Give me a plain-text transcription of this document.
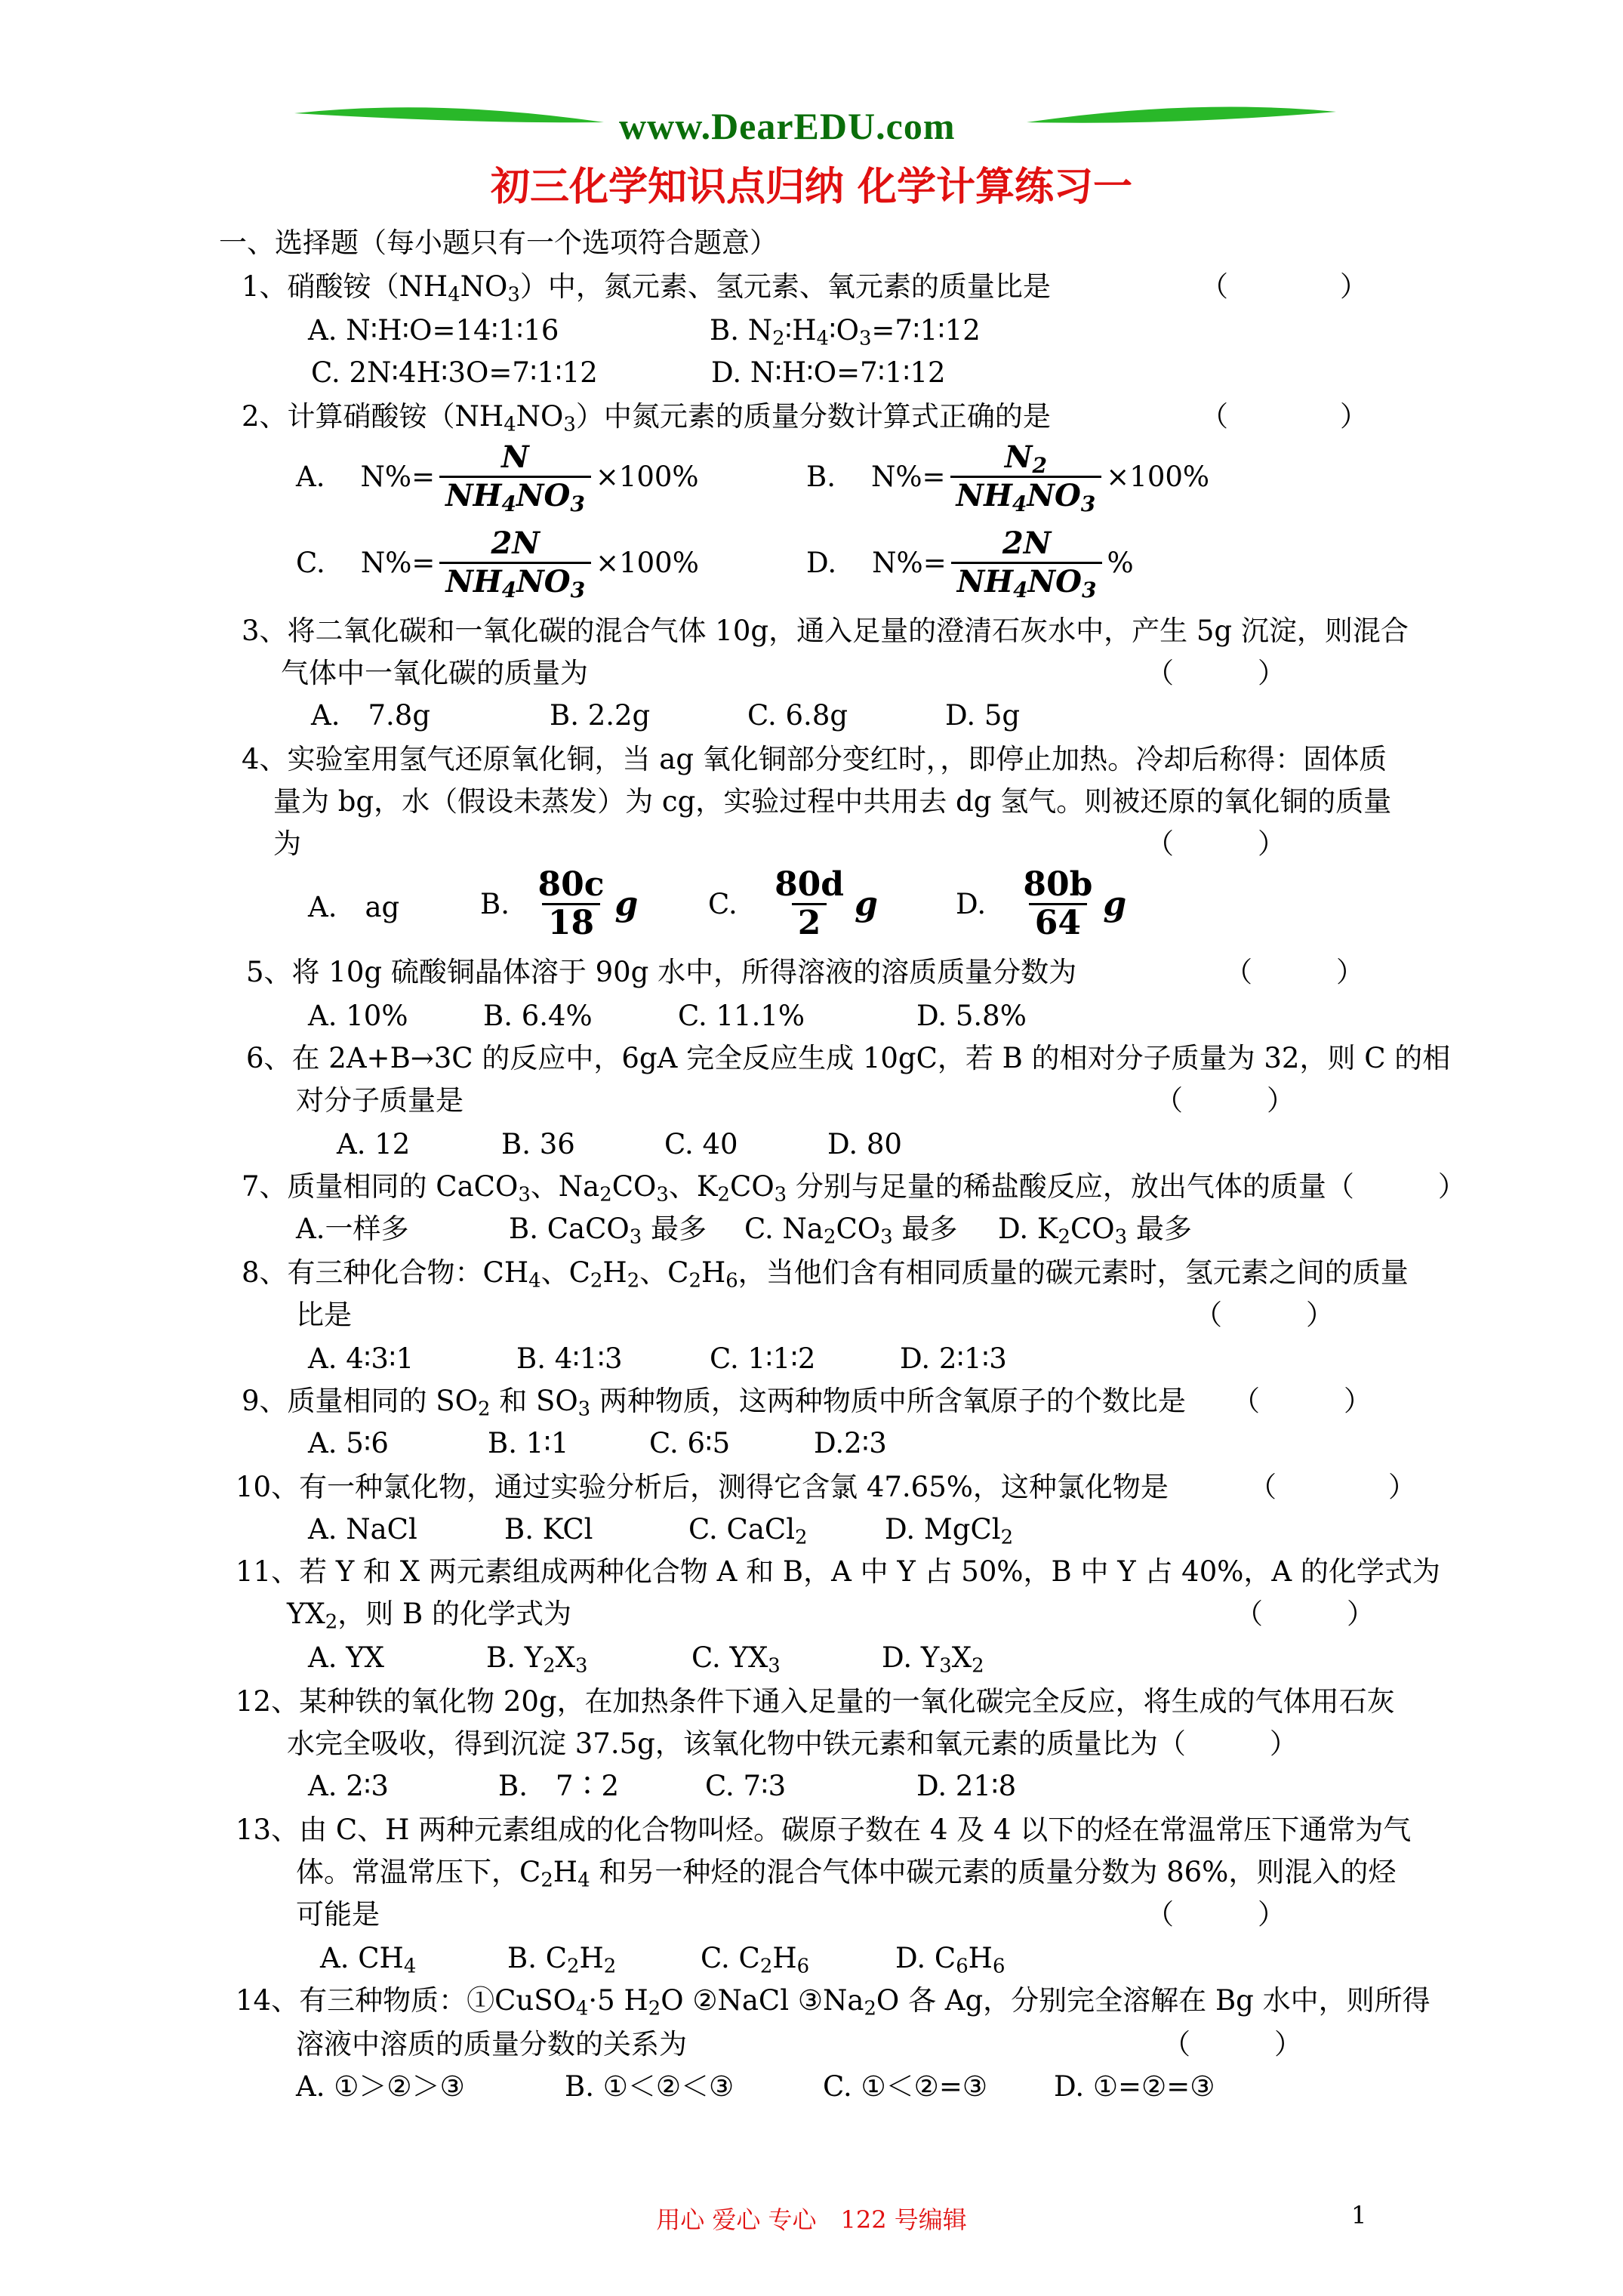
www.DearEDU.com
初三化学知识点归纳 化学计算练习一
一、选择题（每小题只有一个选项符合题意）
1、硝酸铵$(NH_4NO_3)$中，氮元素、氢元素、氧元素的质量比是	（　　　　）
A. N∶H∶O=14∶1∶16	B. $N_2∶H_4∶O_3=7∶1∶12$
C. 2N∶4H∶3O=7∶1∶12	D. N∶H∶O=7∶1∶12
2、计算硝酸铵$(NH_4NO_3)$中氮元素的质量分数计算式正确的是	（　　　　）
A.
$N\%= \frac{N}{NH_4NO_3} \times 100\%$	B.
$N\%= \frac{N_2}{NH_4NO_3} \times 100\%$
C.
$N\%= \frac{2N}{NH_4NO_3} \times 100\%$	D.
$N\%= \frac{2N}{NH_4NO_3}$ %
3、将二氧化碳和一氧化碳的混合气体 10g，通入足量的澄清石灰水中，产生 5g 沉淀，则混合
气体中一氧化碳的质量为	（　　　）
A.　7.8g	B. 2.2g	C. 6.8g	D. 5g
4、实验室用氢气还原氧化铜，当 ag 氧化铜部分变红时，，即停止加热。冷却后称得：固体质
量为 bg，水（假设未蒸发）为 cg，实验过程中共用去 dg 氢气。则被还原的氧化铜的质量
为	（　　　）
A.　ag	B.
$\frac{80c}{18}$ g	C.
$\frac{80d}{2}$ g	D.
$\frac{80b}{64}$ g
5、将 10g 硫酸铜晶体溶于 90g 水中，所得溶液的溶质质量分数为	（　　　）
A. 10%	B. 6.4%	C. 11.1%	D. 5.8%
6、在 2A+B→3C 的反应中，6gA 完全反应生成 10gC，若 B 的相对分子质量为 32，则 C 的相
对分子质量是	（　　　）
A. 12	B. 36	C. 40	D. 80
7、质量相同的 CaCO$_3$、$Na_2CO_3$、$K_2CO_3$ 分别与足量的稀盐酸反应，放出气体的质量（　　　）
A.一样多	B. CaCO$_3$ 最多 C. $Na_2CO_3$ 最多 D. $K_2CO_3$ 最多
8、有三种化合物：$CH_4$、$C_2H_2$、$C_2H_6$，当他们含有相同质量的碳元素时，氢元素之间的质量
比是	（　　　）
A. 4∶3∶1	B. 4∶1∶3	C. 1∶1∶2	D. 2∶1∶3
9、质量相同的 $SO_2$ 和 $SO_3$ 两种物质，这两种物质中所含氧原子的个数比是 （　　　）
A. 5∶6	B. 1∶1	C. 6∶5	D.2∶3
10、有一种氯化物，通过实验分析后，测得它含氯 47.65%，这种氯化物是	（　　　　）
A. NaCl	B. KCl	C. CaCl$_2$	D. MgCl$_2$
11、若 Y 和 X 两元素组成两种化合物 A 和 B，A 中 Y 占 50%，B 中 Y 占 40%，A 的化学式为
$YX_2$，则 B 的化学式为	（　　　）
A. YX	B. $Y_2X_3$	C. $YX_3$	D. $Y_3X_2$
12、某种铁的氧化物 20g，在加热条件下通入足量的一氧化碳完全反应，将生成的气体用石灰
水完全吸收，得到沉淀 37.5g，该氧化物中铁元素和氧元素的质量比为（　　　）
A. 2∶3	B.　7∶2	C. 7∶3	D. 21∶8
13、由 C、H 两种元素组成的化合物叫烃。碳原子数在 4 及 4 以下的烃在常温常压下通常为气
体。常温常压下，$C_2H_4$ 和另一种烃的混合气体中碳元素的质量分数为 86%，则混入的烃
可能是	（　　　）
A. $CH_4$	B. $C_2H_2$	C. $C_2H_6$	D. $C_6H_6$
14、有三种物质：①CuSO$_4$·5 $H_2O$ ②NaCl $③Na_2O$ 各 Ag，分别完全溶解在 Bg 水中，则所得
溶液中溶质的质量分数的关系为	（　　　）
A. ①＞②＞③	B. ①＜②＜③	C. ①＜②=③ D. ①=②=③
用心 爱心 专心　122 号编辑	1
